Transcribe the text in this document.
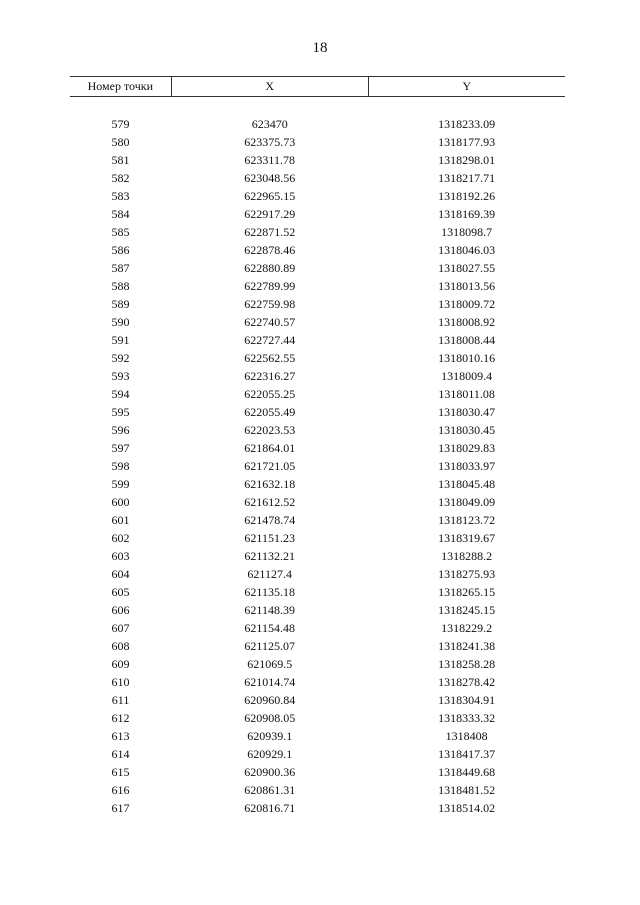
18
Номер точки	X	Y

579	623470	1318233.09
580	623375.73	1318177.93
581	623311.78	1318298.01
582	623048.56	1318217.71
583	622965.15	1318192.26
584	622917.29	1318169.39
585	622871.52	1318098.7
586	622878.46	1318046.03
587	622880.89	1318027.55
588	622789.99	1318013.56
589	622759.98	1318009.72
590	622740.57	1318008.92
591	622727.44	1318008.44
592	622562.55	1318010.16
593	622316.27	1318009.4
594	622055.25	1318011.08
595	622055.49	1318030.47
596	622023.53	1318030.45
597	621864.01	1318029.83
598	621721.05	1318033.97
599	621632.18	1318045.48
600	621612.52	1318049.09
601	621478.74	1318123.72
602	621151.23	1318319.67
603	621132.21	1318288.2
604	621127.4	1318275.93
605	621135.18	1318265.15
606	621148.39	1318245.15
607	621154.48	1318229.2
608	621125.07	1318241.38
609	621069.5	1318258.28
610	621014.74	1318278.42
611	620960.84	1318304.91
612	620908.05	1318333.32
613	620939.1	1318408
614	620929.1	1318417.37
615	620900.36	1318449.68
616	620861.31	1318481.52
617	620816.71	1318514.02
